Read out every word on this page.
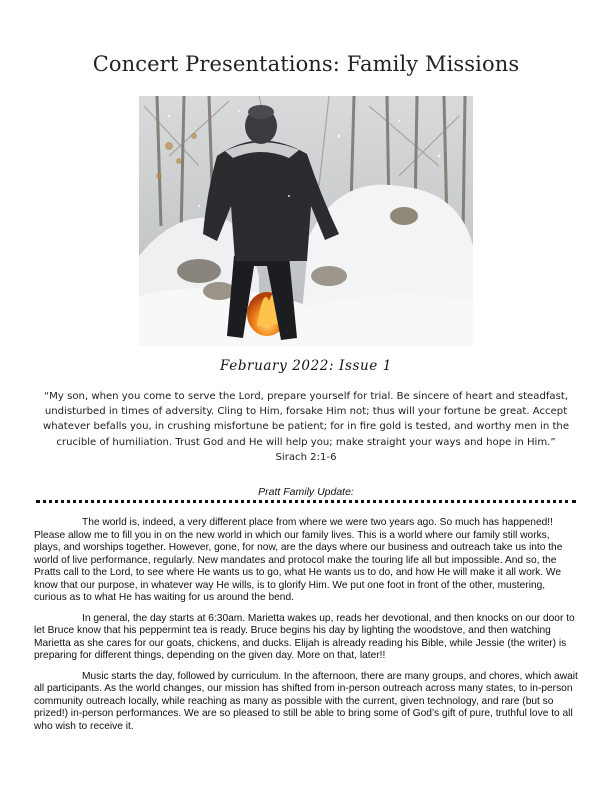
Concert Presentations: Family Missions
February 2022: Issue 1
“My son, when you come to serve the Lord, prepare yourself for trial. Be sincere of heart and steadfast, undisturbed in times of adversity. Cling to Him, forsake Him not; thus will your fortune be great. Accept whatever befalls you, in crushing misfortune be patient; for in fire gold is tested, and worthy men in the crucible of humiliation. Trust God and He will help you; make straight your ways and hope in Him.”
Sirach 2:1-6
Pratt Family Update:

The world is, indeed, a very different place from where we were two years ago. So much has happened!! Please allow me to fill you in on the new world in which our family lives. This is a world where our family still works, plays, and worships together. However, gone, for now, are the days where our business and outreach take us into the world of live performance, regularly. New mandates and protocol make the touring life all but impossible. And so, the Pratts call to the Lord, to see where He wants us to go, what He wants us to do, and how He will make it all work. We know that our purpose, in whatever way He wills, is to glorify Him. We put one foot in front of the other, mustering, curious as to what He has waiting for us around the bend.

In general, the day starts at 6:30am. Marietta wakes up, reads her devotional, and then knocks on our door to let Bruce know that his peppermint tea is ready. Bruce begins his day by lighting the woodstove, and then watching Marietta as she cares for our goats, chickens, and ducks. Elijah is already reading his Bible, while Jessie (the writer) is preparing for different things, depending on the given day. More on that, later!!

Music starts the day, followed by curriculum. In the afternoon, there are many groups, and chores, which await all participants. As the world changes, our mission has shifted from in-person outreach across many states, to in-person community outreach locally, while reaching as many as possible with the current, given technology, and rare (but so prized!) in-person performances. We are so pleased to still be able to bring some of God’s gift of pure, truthful love to all who wish to receive it.
